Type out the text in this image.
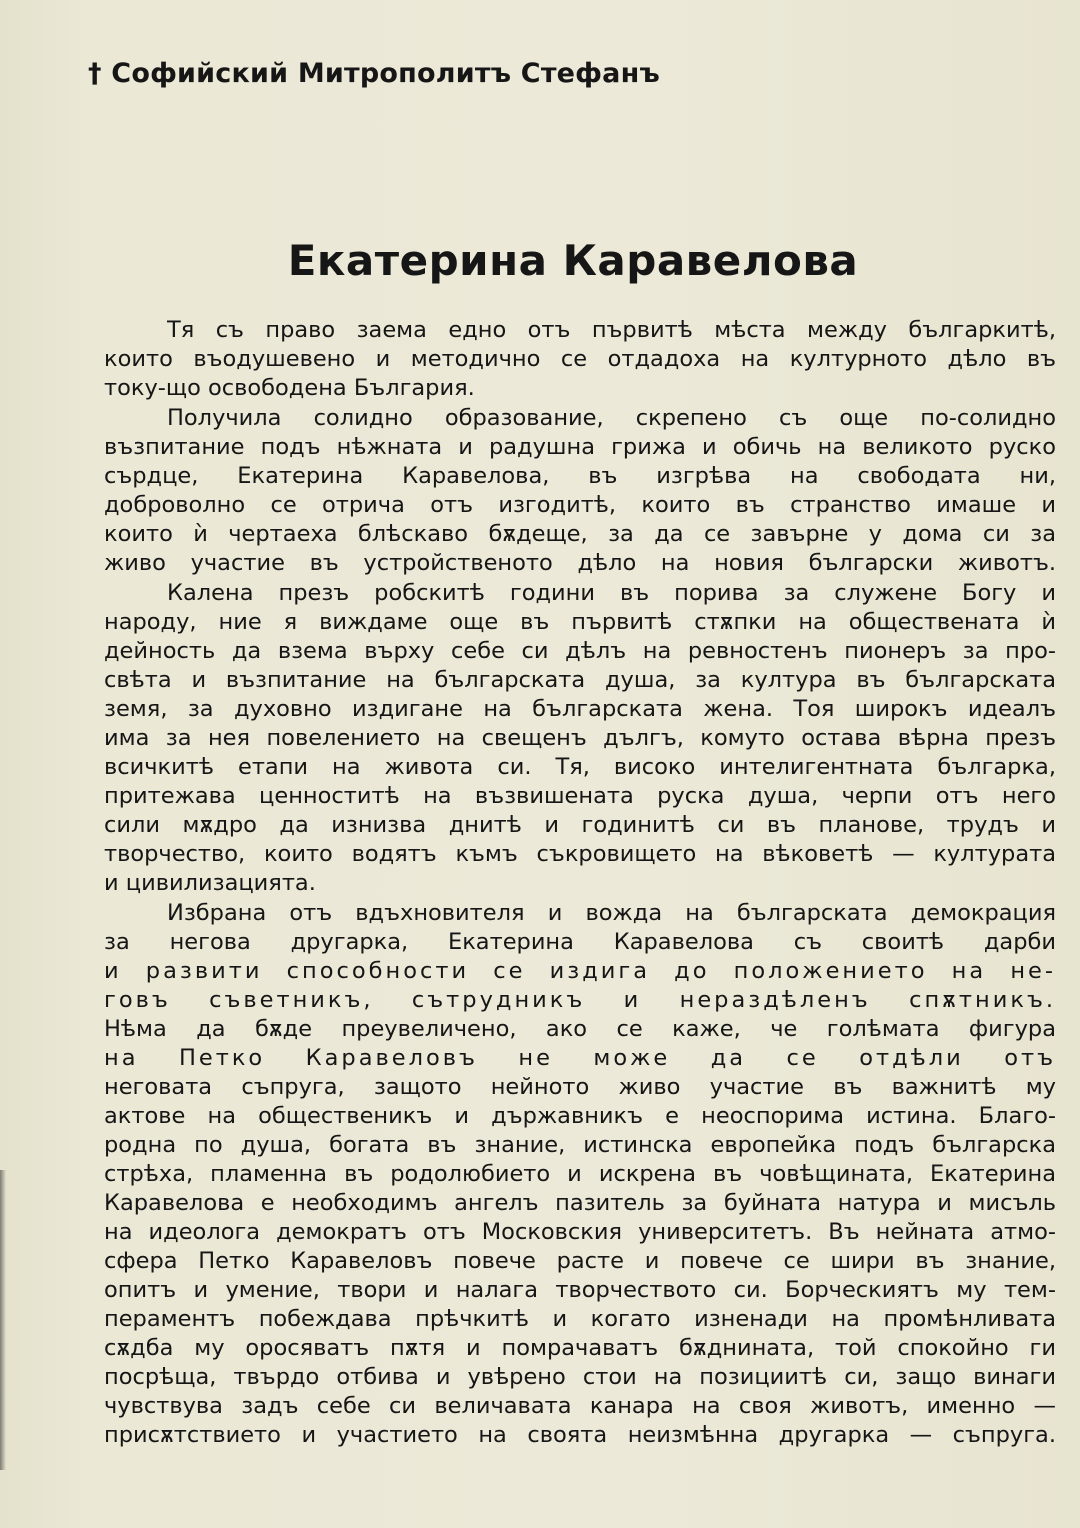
† Софийский Митрополитъ Стефанъ
Екатерина Каравелова
Тя съ право заема едно отъ първитѣ мѣста между българкитѣ,
които въодушевено и методично се отдадоха на културното дѣло въ
току-що освободена България.
Получила солидно образование, скрепено съ още по-солидно
възпитание подъ нѣжната и радушна грижа и обичь на великото руско
сърдце, Екатерина Каравелова, въ изгрѣва на свободата ни,
доброволно се отрича отъ изгодитѣ, които въ странство имаше и
които ѝ чертаеха блѣскаво бѫдеще, за да се завърне у дома си за
живо участие въ устройственото дѣло на новия български животъ.
Калена презъ робскитѣ години въ порива за служене Богу и
народу, ние я виждаме още въ първитѣ стѫпки на обществената ѝ
дейность да взема върху себе си дѣлъ на ревностенъ пионеръ за про-
свѣта и възпитание на българската душа, за култура въ българската
земя, за духовно издигане на българската жена. Тоя широкъ идеалъ
има за нея повелението на свещенъ дългъ, комуто остава вѣрна презъ
всичкитѣ етапи на живота си. Тя, високо интелигентната българка,
притежава ценноститѣ на възвишената руска душа, черпи отъ него
сили мѫдро да изнизва днитѣ и годинитѣ си въ планове, трудъ и
творчество, които водятъ къмъ съкровището на вѣковетѣ — културата
и цивилизацията.
Избрана отъ вдъхновителя и вожда на българската демокрация
за негова другарка, Екатерина Каравелова съ своитѣ дарби
и развити способности се издига до положението на не-
говъ съветникъ, сътрудникъ и нераздѣленъ спѫтникъ.
Нѣма да бѫде преувеличено, ако се каже, че голѣмата фигура
на Петко Каравеловъ не може да се отдѣли отъ
неговата съпруга, защото нейното живо участие въ важнитѣ му
актове на общественикъ и държавникъ е неоспорима истина. Благо-
родна по душа, богата въ знание, истинска европейка подъ българска
стрѣха, пламенна въ родолюбието и искрена въ човѣщината, Екатерина
Каравелова е необходимъ ангелъ пазитель за буйната натура и мисъль
на идеолога демократъ отъ Московския университетъ. Въ нейната атмо-
сфера Петко Каравеловъ повече расте и повече се шири въ знание,
опитъ и умение, твори и налага творчеството си. Борческиятъ му тем-
пераментъ побеждава прѣчкитѣ и когато изненади на промѣнливата
сѫдба му оросяватъ пѫтя и помрачаватъ бѫднината, той спокойно ги
посрѣща, твърдо отбива и увѣрено стои на позициитѣ си, защо винаги
чувствува задъ себе си величавата канара на своя животъ, именно —
присѫтствието и участието на своята неизмѣнна другарка — съпруга.
